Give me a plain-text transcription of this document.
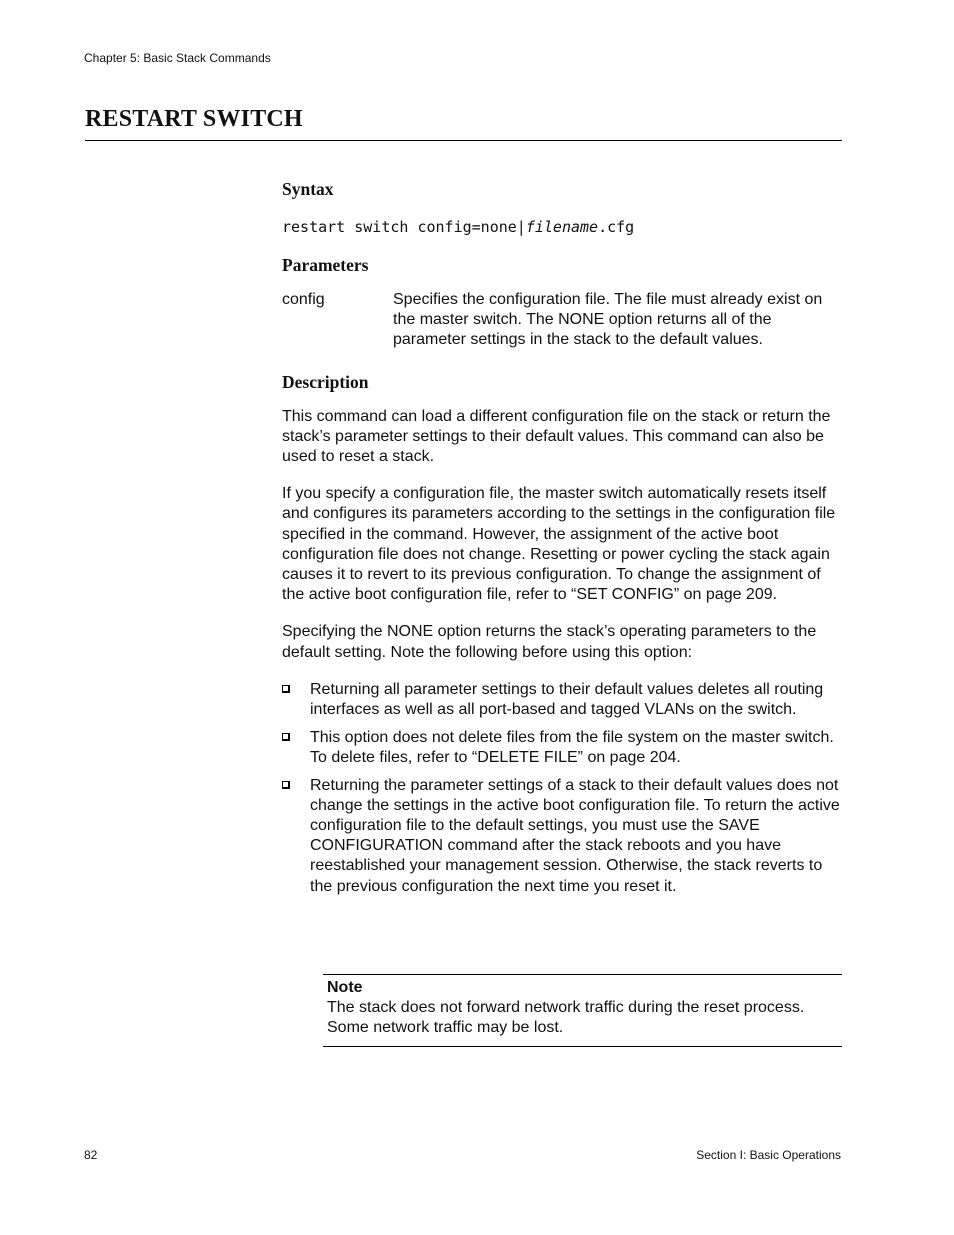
Chapter 5: Basic Stack Commands
RESTART SWITCH
Syntax
restart switch config=none|filename.cfg
Parameters
config	Specifies the configuration file. The file must already exist on the master switch. The NONE option returns all of the parameter settings in the stack to the default values.
Description

This command can load a different configuration file on the stack or return the stack’s parameter settings to their default values. This command can also be used to reset a stack.

If you specify a configuration file, the master switch automatically resets itself and configures its parameters according to the settings in the configuration file specified in the command. However, the assignment of the active boot configuration file does not change. Resetting or power cycling the stack again causes it to revert to its previous configuration. To change the assignment of the active boot configuration file, refer to “SET CONFIG” on page 209.

Specifying the NONE option returns the stack’s operating parameters to the default setting. Note the following before using this option:

Returning all parameter settings to their default values deletes all routing interfaces as well as all port-based and tagged VLANs on the switch.
This option does not delete files from the file system on the master switch. To delete files, refer to “DELETE FILE” on page 204.
Returning the parameter settings of a stack to their default values does not change the settings in the active boot configuration file. To return the active configuration file to the default settings, you must use the SAVE CONFIGURATION command after the stack reboots and you have reestablished your management session. Otherwise, the stack reverts to the previous configuration the next time you reset it.
Note
The stack does not forward network traffic during the reset process. Some network traffic may be lost.
82	Section I: Basic Operations
